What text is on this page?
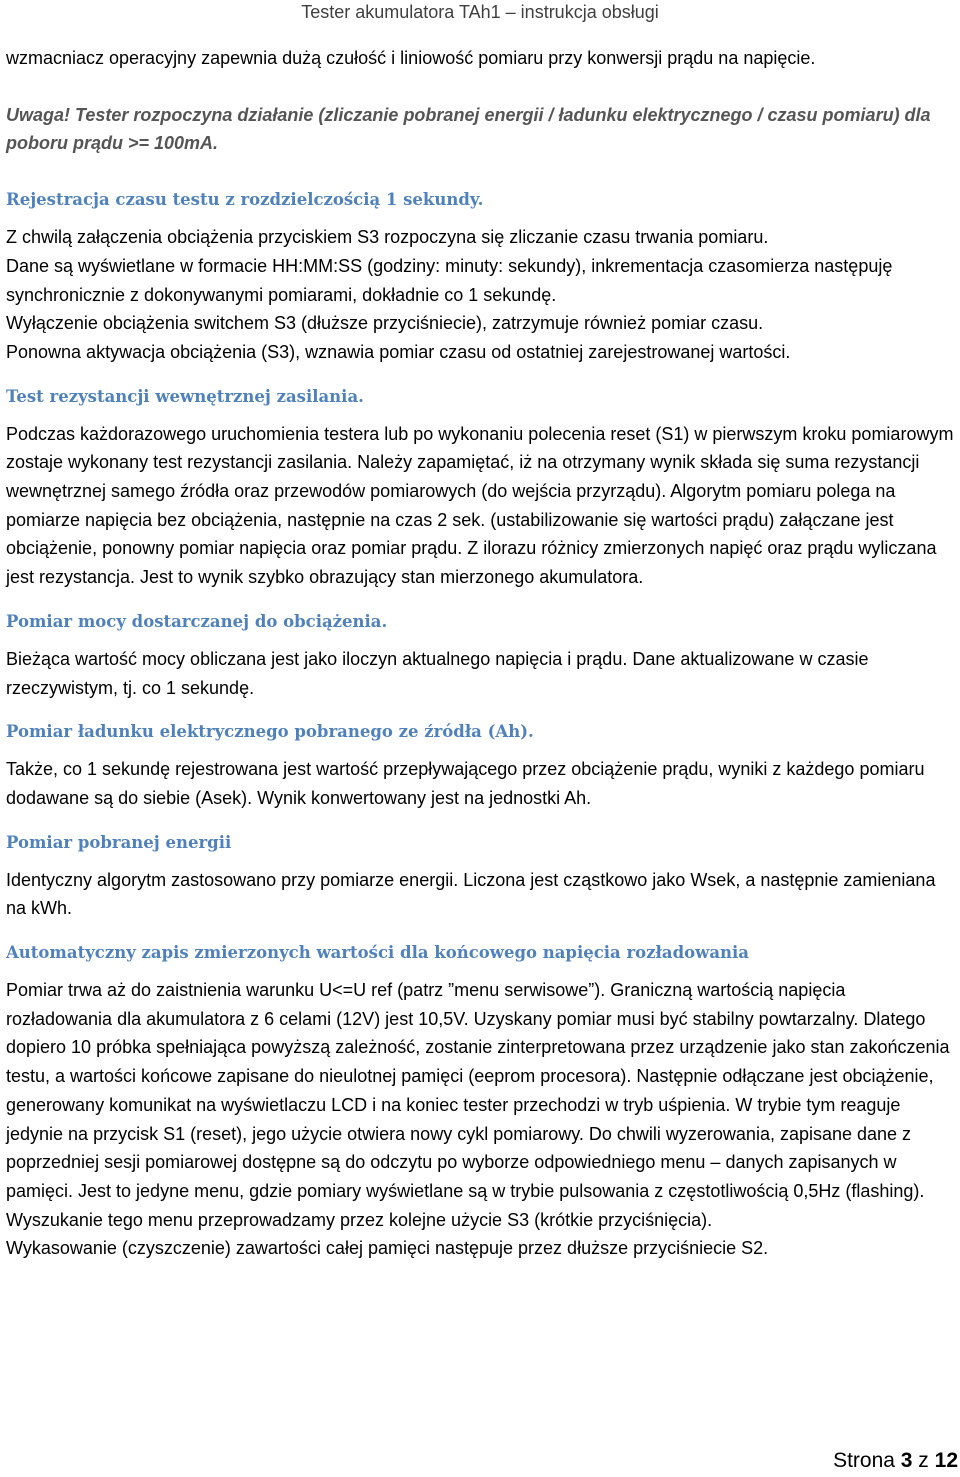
Tester akumulatora TAh1 – instrukcja obsługi

wzmacniacz operacyjny zapewnia dużą czułość i liniowość pomiaru przy konwersji prądu na napięcie.

Uwaga! Tester rozpoczyna działanie (zliczanie pobranej energii / ładunku elektrycznego / czasu pomiaru) dla poboru prądu >= 100mA.

Rejestracja czasu testu z rozdzielczością 1 sekundy.

Z chwilą załączenia obciążenia przyciskiem S3 rozpoczyna się zliczanie czasu trwania pomiaru.

Dane są wyświetlane w formacie HH:MM:SS (godziny: minuty: sekundy), inkrementacja czasomierza następuję synchronicznie z dokonywanymi pomiarami, dokładnie co 1 sekundę.

Wyłączenie obciążenia switchem S3 (dłuższe przyciśniecie), zatrzymuje również pomiar czasu.

Ponowna aktywacja obciążenia (S3), wznawia pomiar czasu od ostatniej zarejestrowanej wartości.

Test rezystancji wewnętrznej zasilania.

Podczas każdorazowego uruchomienia testera lub po wykonaniu polecenia reset (S1) w pierwszym kroku pomiarowym zostaje wykonany test rezystancji zasilania. Należy zapamiętać, iż na otrzymany wynik składa się suma rezystancji wewnętrznej samego źródła oraz przewodów pomiarowych (do wejścia przyrządu). Algorytm pomiaru polega na pomiarze napięcia bez obciążenia, następnie na czas 2 sek. (ustabilizowanie się wartości prądu) załączane jest obciążenie, ponowny pomiar napięcia oraz pomiar prądu. Z ilorazu różnicy zmierzonych napięć oraz prądu wyliczana jest rezystancja. Jest to wynik szybko obrazujący stan mierzonego akumulatora.

Pomiar mocy dostarczanej do obciążenia.

Bieżąca wartość mocy obliczana jest jako iloczyn aktualnego napięcia i prądu. Dane aktualizowane w czasie rzeczywistym, tj. co 1 sekundę.

Pomiar ładunku elektrycznego pobranego ze źródła (Ah).

Także, co 1 sekundę rejestrowana jest wartość przepływającego przez obciążenie prądu, wyniki z każdego pomiaru dodawane są do siebie (Asek). Wynik konwertowany jest na jednostki Ah.

Pomiar pobranej energii

Identyczny algorytm zastosowano przy pomiarze energii. Liczona jest cząstkowo jako Wsek, a następnie zamieniana na kWh.

Automatyczny zapis zmierzonych wartości dla końcowego napięcia rozładowania

Pomiar trwa aż do zaistnienia warunku U<=U ref (patrz ”menu serwisowe”). Graniczną wartością napięcia rozładowania dla akumulatora z 6 celami (12V) jest 10,5V. Uzyskany pomiar musi być stabilny powtarzalny. Dlatego dopiero 10 próbka spełniająca powyższą zależność, zostanie zinterpretowana przez urządzenie jako stan zakończenia testu, a wartości końcowe zapisane do nieulotnej pamięci (eeprom procesora). Następnie odłączane jest obciążenie, generowany komunikat na wyświetlaczu LCD i na koniec tester przechodzi w tryb uśpienia. W trybie tym reaguje jedynie na przycisk S1 (reset), jego użycie otwiera nowy cykl pomiarowy. Do chwili wyzerowania, zapisane dane z poprzedniej sesji pomiarowej dostępne są do odczytu po wyborze odpowiedniego menu – danych zapisanych w pamięci. Jest to jedyne menu, gdzie pomiary wyświetlane są w trybie pulsowania z częstotliwością 0,5Hz (flashing). Wyszukanie tego menu przeprowadzamy przez kolejne użycie S3 (krótkie przyciśnięcia).

Wykasowanie (czyszczenie) zawartości całej pamięci następuje przez dłuższe przyciśniecie S2.

Strona 3 z 12
